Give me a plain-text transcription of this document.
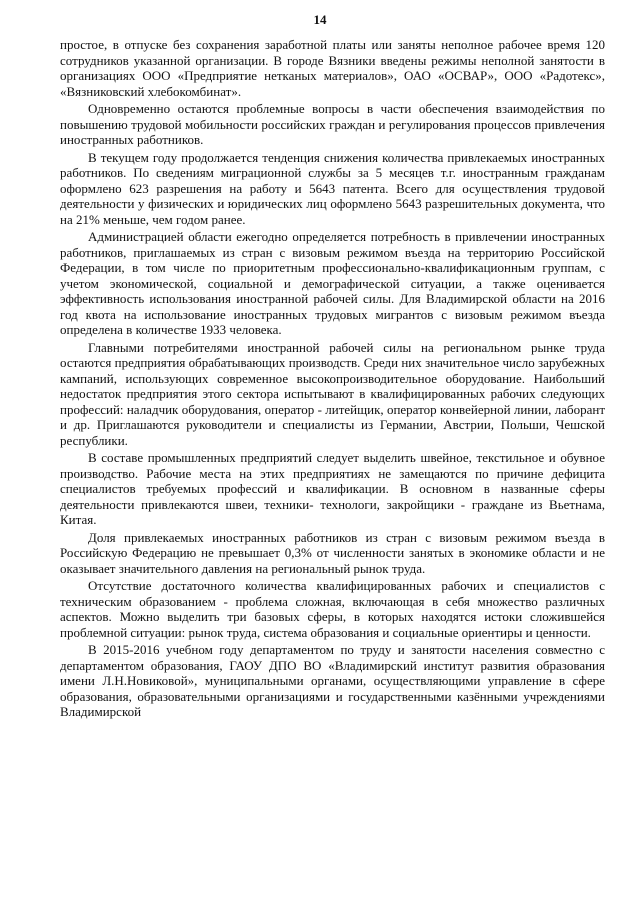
14

простое, в отпуске без сохранения заработной платы или заняты неполное рабочее время 120 сотрудников указанной организации. В городе Вязники введены режимы неполной занятости в организациях ООО «Предприятие нетканых материалов», ОАО «ОСВАР», ООО «Радотекс», «Вязниковский хлебокомбинат».

Одновременно остаются проблемные вопросы в части обеспечения взаимодействия по повышению трудовой мобильности российских граждан и регулирования процессов привлечения иностранных работников.

В текущем году продолжается тенденция снижения количества привлекаемых иностранных работников. По сведениям миграционной службы за 5 месяцев т.г. иностранным гражданам оформлено 623 разрешения на работу и 5643 патента. Всего для осуществления трудовой деятельности у физических и юридических лиц оформлено 5643 разрешительных документа, что на 21% меньше, чем годом ранее.

Администрацией области ежегодно определяется потребность в привлечении иностранных работников, приглашаемых из стран с визовым режимом въезда на территорию Российской Федерации, в том числе по приоритетным профессионально-квалификационным группам, с учетом экономической, социальной и демографической ситуации, а также оценивается эффективность использования иностранной рабочей силы. Для Владимирской области на 2016 год квота на использование иностранных трудовых мигрантов с визовым режимом въезда определена в количестве 1933 человека.

Главными потребителями иностранной рабочей силы на региональном рынке труда остаются предприятия обрабатывающих производств. Среди них значительное число зарубежных кампаний, использующих современное высокопроизводительное оборудование. Наибольший недостаток предприятия этого сектора испытывают в квалифицированных рабочих следующих профессий: наладчик оборудования, оператор - литейщик, оператор конвейерной линии, лаборант и др. Приглашаются руководители и специалисты из Германии, Австрии, Польши, Чешской республики.

В составе промышленных предприятий следует выделить швейное, текстильное и обувное производство. Рабочие места на этих предприятиях не замещаются по причине дефицита специалистов требуемых профессий и квалификации. В основном в названные сферы деятельности привлекаются швеи, техники- технологи, закройщики - граждане из Вьетнама, Китая.

Доля привлекаемых иностранных работников из стран с визовым режимом въезда в Российскую Федерацию не превышает 0,3% от численности занятых в экономике области и не оказывает значительного давления на региональный рынок труда.

Отсутствие достаточного количества квалифицированных рабочих и специалистов с техническим образованием - проблема сложная, включающая в себя множество различных аспектов. Можно выделить три базовых сферы, в которых находятся истоки сложившейся проблемной ситуации: рынок труда, система образования и социальные ориентиры и ценности.

В 2015-2016 учебном году департаментом по труду и занятости населения совместно с департаментом образования, ГАОУ ДПО ВО «Владимирский институт развития образования имени Л.Н.Новиковой», муниципальными органами, осуществляющими управление в сфере образования, образовательными организациями и государственными казёнными учреждениями Владимирской
